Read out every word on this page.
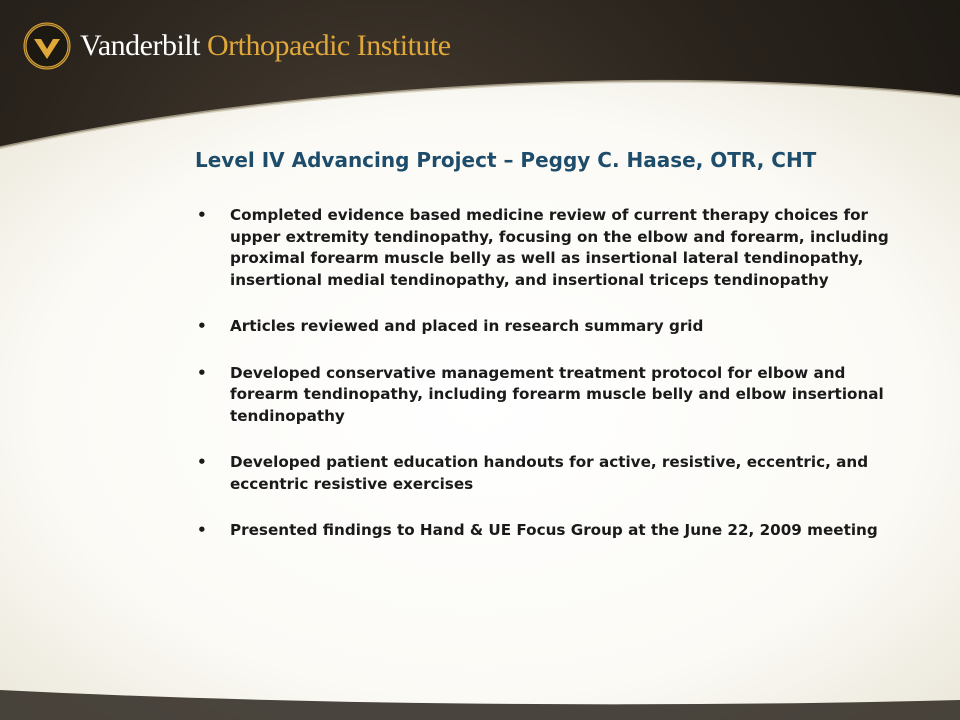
Vanderbilt Orthopaedic Institute
Level IV Advancing Project – Peggy C. Haase, OTR, CHT
• Completed evidence based medicine review of current therapy choices for upper extremity tendinopathy, focusing on the elbow and forearm, including proximal forearm muscle belly as well as insertional lateral tendinopathy, insertional medial tendinopathy, and insertional triceps tendinopathy
• Articles reviewed and placed in research summary grid
• Developed conservative management treatment protocol for elbow and forearm tendinopathy, including forearm muscle belly and elbow insertional tendinopathy
• Developed patient education handouts for active, resistive, eccentric, and eccentric resistive exercises
• Presented findings to Hand & UE Focus Group at the June 22, 2009 meeting
